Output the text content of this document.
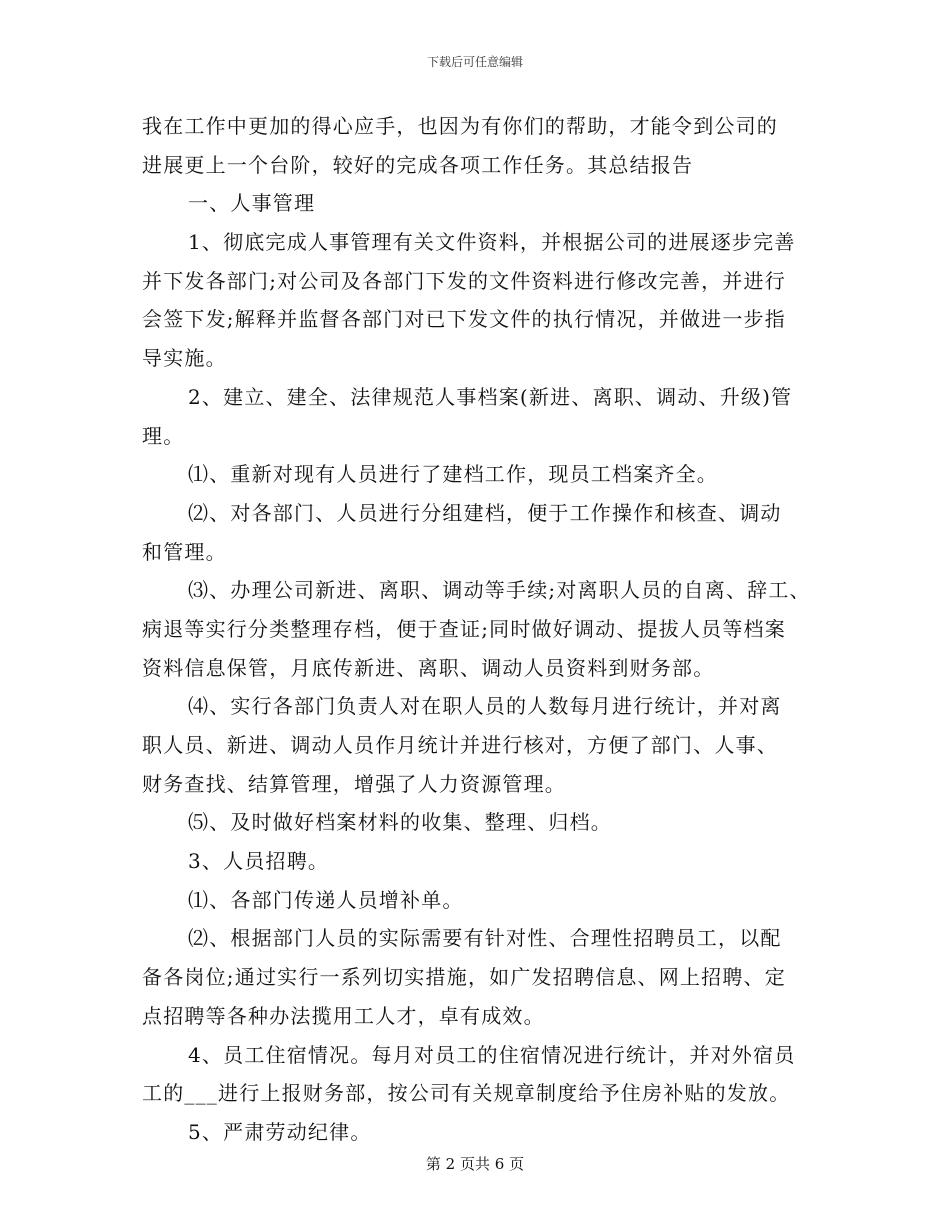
下载后可任意编辑
我在工作中更加的得心应手，也因为有你们的帮助，才能令到公司的
进展更上一个台阶，较好的完成各项工作任务。其总结报告
一、人事管理
1、彻底完成人事管理有关文件资料，并根据公司的进展逐步完善
并下发各部门;对公司及各部门下发的文件资料进行修改完善，并进行
会签下发;解释并监督各部门对已下发文件的执行情况，并做进一步指
导实施。
2、建立、建全、法律规范人事档案(新进、离职、调动、升级)管
理。
⑴、重新对现有人员进行了建档工作，现员工档案齐全。
⑵、对各部门、人员进行分组建档，便于工作操作和核查、调动
和管理。
⑶、办理公司新进、离职、调动等手续;对离职人员的自离、辞工、
病退等实行分类整理存档，便于查证;同时做好调动、提拔人员等档案
资料信息保管，月底传新进、离职、调动人员资料到财务部。
⑷、实行各部门负责人对在职人员的人数每月进行统计，并对离
职人员、新进、调动人员作月统计并进行核对，方便了部门、人事、
财务查找、结算管理，增强了人力资源管理。
⑸、及时做好档案材料的收集、整理、归档。
3、人员招聘。
⑴、各部门传递人员增补单。
⑵、根据部门人员的实际需要有针对性、合理性招聘员工，以配
备各岗位;通过实行一系列切实措施，如广发招聘信息、网上招聘、定
点招聘等各种办法揽用工人才，卓有成效。
4、员工住宿情况。每月对员工的住宿情况进行统计，并对外宿员
工的___进行上报财务部，按公司有关规章制度给予住房补贴的发放。
5、严肃劳动纪律。
第 2 页共 6 页
